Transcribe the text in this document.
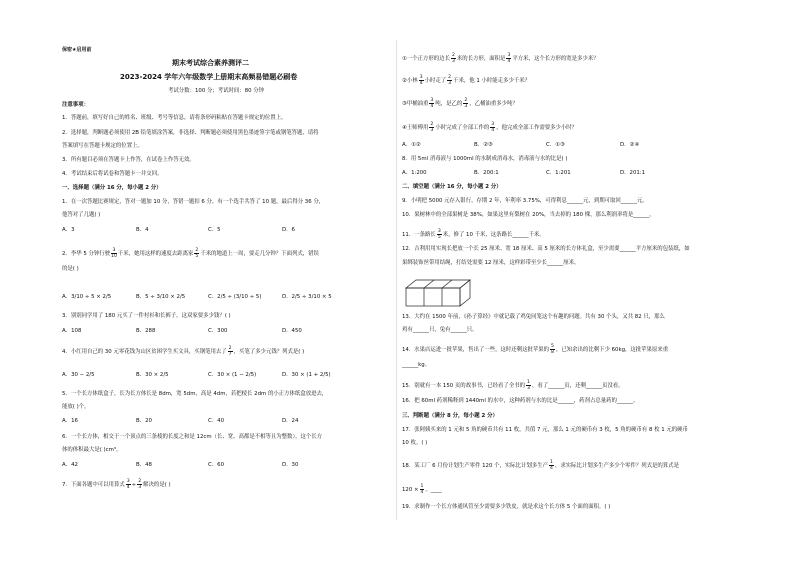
保密★启用前
期末考试综合素养测评二
2023-2024 学年六年级数学上册期末高频易错题必刷卷
考试分数：100 分；考试时间：80 分钟
注意事项：
1．答题前，填写好自己的姓名、班级、考号等信息，请将条形码粘贴在答题卡规定的位置上。
2．选择题，判断题必须使用 2B 铅笔填涂答案，非选择、判断题必须使用黑色墨迹签字笔或钢笔答题，请将
答案填写在答题卡规定的位置上。
3．所有题目必须在答题卡上作答，在试卷上作答无效。
4．考试结束后将试卷和答题卡一并交回。
一、选择题（满分 16 分，每小题 2 分）
1．在一次答题比赛规定，答对一题加 10 分，答错一题扣 6 分，有一个选手共答了 10 题，最后得分 36 分，
他答对了几题( )
A．3	B．4	C．5	D．6
2．李华 5 分钟行驶 $\frac{3}{10}$ 千米，她用这样的速度去距离家 $\frac{2}{5}$ 千米的地道上一周，要走几分钟？下面列式，错误
的是( )
A．3/10 ÷ 5 × 2/5	B．5 ÷ 3/10 × 2/5	C．2/5 ÷ (3/10 ÷ 5)	D．2/5 ÷ 3/10 × 5
3．别别同学用了 180 元买了一件衬衫和长裤子，这双家要多少钱？( )
A．108	B．288	C．300	D．450
4．小红用自己的 30 元零花钱为山区贫困学生买文具，买钢笔用去了 $\frac{2}{7}$ ，买笔了多少元钱？列式是( )
A．30 − 2/5	B．30 × 2/5	C．30 × (1 − 2/5)	D．30 × (1 + 2/5)
5．一个长方体纸盒子，长为长方体长是 8dm，宽 5dm，高是 4dm，若把棱长 2dm 的小正方体纸盒放进去，
能放( )个。
A．16	B．20	C．40	D．24
6．一个长方体，相交于一个顶点的三条棱的长度之和是 12cm（长、宽、高都是不相等且为整数），这个长方
体的体积最大是( )cm³。
A．42	B．48	C．60	D．30
7．下面各题中可以用算式 $\frac{3}{4} \div \frac{2}{3}$ 解决的是( )
①一个正方形的边长 $\frac{2}{3}$ 米的长方形，面积是 $\frac{3}{4}$ 平方米，这个长方形的宽是多少米？
②小林 $\frac{3}{4}$ 小时走了 $\frac{2}{3}$ 千米，他 1 小时能走多少千米？
③甲桶油重 $\frac{3}{4}$ 吨，是乙的 $\frac{2}{3}$ ，乙桶油重多少吨？
④王师傅用 $\frac{2}{3}$ 小时完成了全部工作的 $\frac{3}{4}$ ，他完成全部工作需要多少小时？
A．①②	B．②③	C．①③	D．②④
8．用 5ml 消毒液与 1000ml 的水制成消毒水，消毒液与水的比是( )
A．1:200	B．200:1	C．1:201	D．201:1
二、填空题（满分 16 分，每小题 2 分）
9．小明把 5000 元存入银行，存期 2 年，年利率 3.75%，可得利息______元，到期可取回______元。
10．果树林中的全部果树是 38%，如果这里有梨树在 20%，当去掉的 180 棵，那么利润率将是______。
11．一条路长 $\frac{3}{5}$ 米，修了 10 千米，这条路长______千米。
12．吉利用用实现长把放一个长 25 厘米、宽 18 厘米、高 5 厘米的长方体礼盒，至少需要______平方厘米的包装纸，如
果绑装饰丝带用结绳，打结处需要 12 厘米，这样彩带至少长______厘米。
13．大约在 1500 年前，《孙子算经》中就记载了鸡兔同笼这个有趣的问题。共有 30 个头，又共 82 只，那么
鸡有______只，兔有______只。
14．水果店运进一批苹果，售出了一些，这时还剩这批苹果的 $\frac{5}{8}$ ，已知余出的比剩下少 60kg，这批苹果原来重
______kg。
15．别就有一本 150 页的故事书，已经看了全书的 $\frac{1}{3}$ ，看了______页，还剩______页没看。
16．把 60ml 药剂稀释到 1440ml 的水中，这种药剂与水的比是______，药剂占总量药的______。
三、判断题（满分 8 分，每小题 2 分）
17．张阿姨买来的 1 元和 5 角的硬币共有 11 枚，共值 7 元，那么 1 元的硬币有 3 枚，5 角的硬币有 8 枚 1 元的硬币
10 枚。( )
18．某工厂 6 月份计划生产零件 120 个，实际比计划多生产 $\frac{1}{4}$ ，求实际比计划多生产多少个零件？列式是的算式是
$120 \times \frac{1}{4}$ 。____
19．求制作一个长方体通风管至少需要多少铁皮，就是求这个长方体 5 个面的面积。( )
